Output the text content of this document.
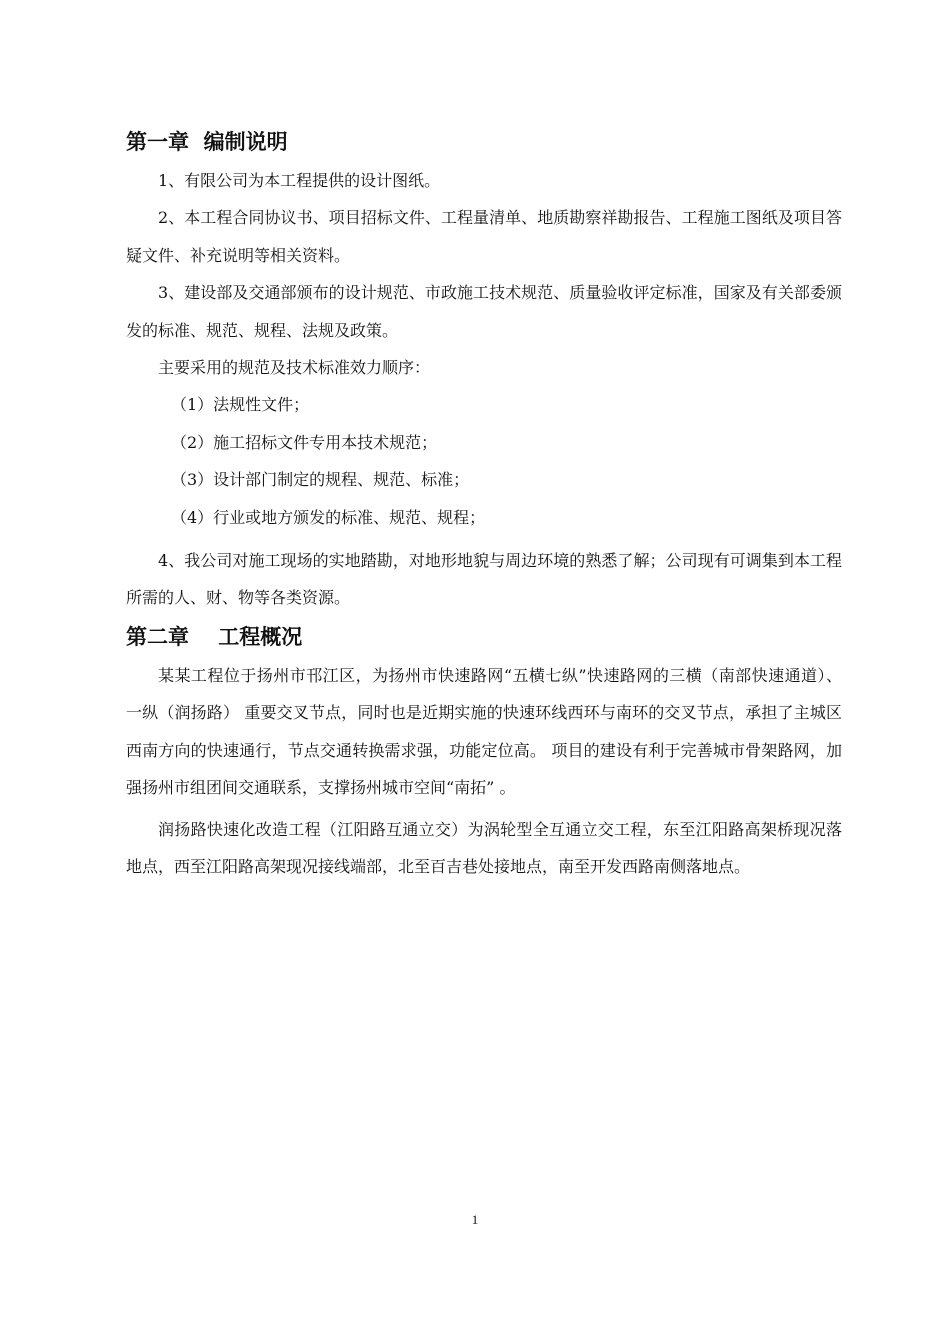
第一章  编制说明

1、有限公司为本工程提供的设计图纸。

2、本工程合同协议书、项目招标文件、工程量清单、地质勘察祥勘报告、工程施工图纸及项目答疑文件、补充说明等相关资料。

3、建设部及交通部颁布的设计规范、市政施工技术规范、质量验收评定标准，国家及有关部委颁发的标准、规范、规程、法规及政策。

主要采用的规范及技术标准效力顺序：

（1）法规性文件；
（2）施工招标文件专用本技术规范；
（3）设计部门制定的规程、规范、标准；
（4）行业或地方颁发的标准、规范、规程；

4、我公司对施工现场的实地踏勘，对地形地貌与周边环境的熟悉了解；公司现有可调集到本工程所需的人、财、物等各类资源。

第二章    工程概况

某某工程位于扬州市邗江区，为扬州市快速路网“五横七纵”快速路网的三横（南部快速通道）、 一纵（润扬路） 重要交叉节点，同时也是近期实施的快速环线西环与南环的交叉节点，承担了主城区西南方向的快速通行，节点交通转换需求强，功能定位高。 项目的建设有利于完善城市骨架路网，加强扬州市组团间交通联系，支撑扬州城市空间“南拓” 。

润扬路快速化改造工程（江阳路互通立交）为涡轮型全互通立交工程，东至江阳路高架桥现况落地点，西至江阳路高架现况接线端部，北至百吉巷处接地点，南至开发西路南侧落地点。

1
